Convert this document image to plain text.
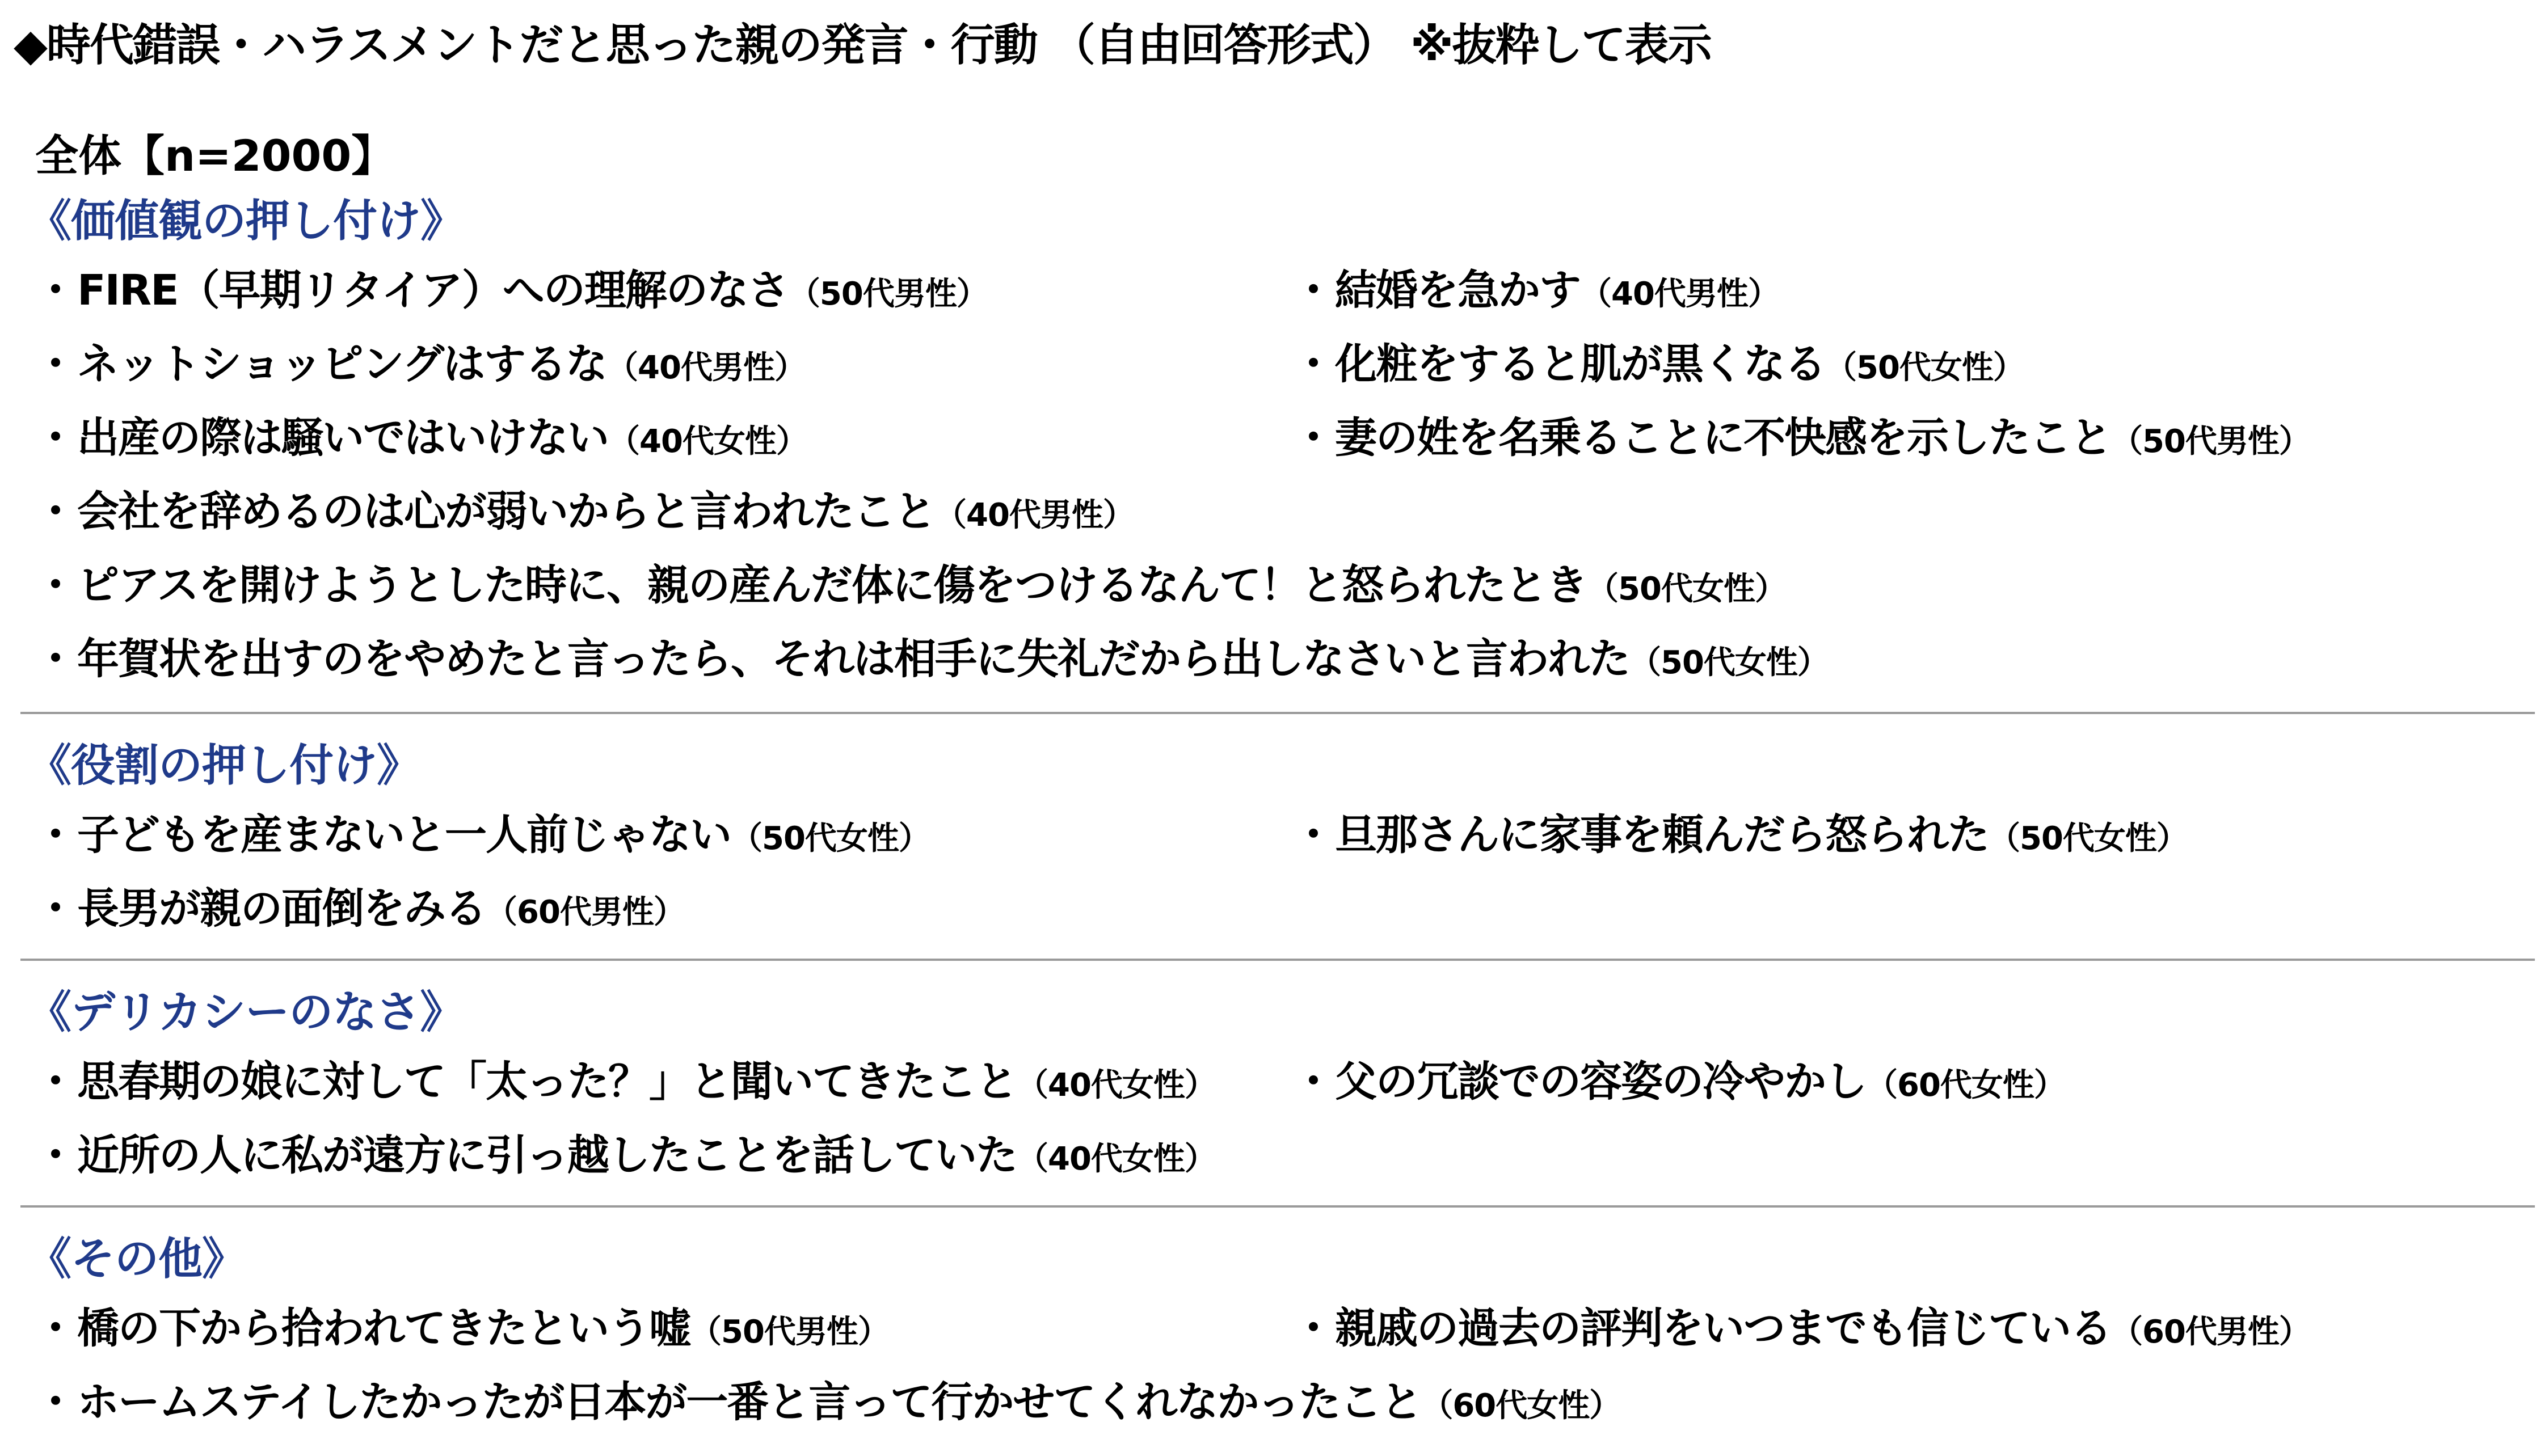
◆時代錯誤・ハラスメントだと思った親の発言・行動 （自由回答形式） ※抜粋して表示
全体【n=2000】
《価値観の押し付け》
・FIRE（早期リタイア）への理解のなさ（50代男性）	・結婚を急かす（40代男性）
・ネットショッピングはするな（40代男性）	・化粧をすると肌が黒くなる（50代女性）
・出産の際は騒いではいけない（40代女性）	・妻の姓を名乗ることに不快感を示したこと（50代男性）
・会社を辞めるのは心が弱いからと言われたこと（40代男性）
・ピアスを開けようとした時に、親の産んだ体に傷をつけるなんて！と怒られたとき（50代女性）
・年賀状を出すのをやめたと言ったら、それは相手に失礼だから出しなさいと言われた（50代女性）
《役割の押し付け》
・子どもを産まないと一人前じゃない（50代女性）	・旦那さんに家事を頼んだら怒られた（50代女性）
・長男が親の面倒をみる（60代男性）
《デリカシーのなさ》
・思春期の娘に対して「太った？」と聞いてきたこと（40代女性） ・父の冗談での容姿の冷やかし（60代女性）
・近所の人に私が遠方に引っ越したことを話していた（40代女性）
《その他》
・橋の下から拾われてきたという嘘（50代男性）	・親戚の過去の評判をいつまでも信じている（60代男性）
・ホームステイしたかったが日本が一番と言って行かせてくれなかったこと（60代女性）
